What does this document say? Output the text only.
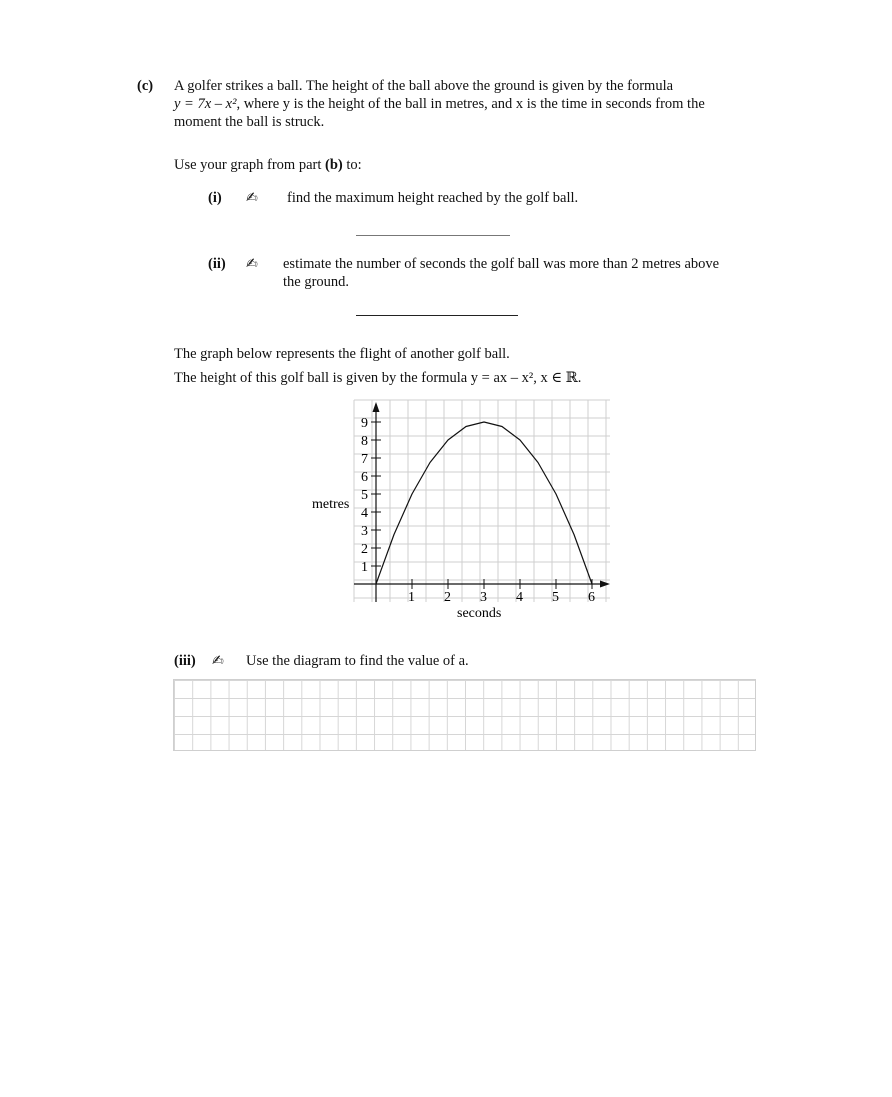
(c) A golfer strikes a ball. The height of the ball above the ground is given by the formula
y = 7x – x², where y is the height of the ball in metres, and x is the time in seconds from the
moment the ball is struck.
Use your graph from part (b) to:
(i) ✍ find the maximum height reached by the golf ball.
(ii) ✍ estimate the number of seconds the golf ball was more than 2 metres above
the ground.
The graph below represents the flight of another golf ball.
The height of this golf ball is given by the formula y = ax – x², x ∈ ℝ.
1 2 3 4 5 6
1
2
3
4
5
6
7
8
9
metres
seconds
(iii) ✍ Use the diagram to find the value of a.
